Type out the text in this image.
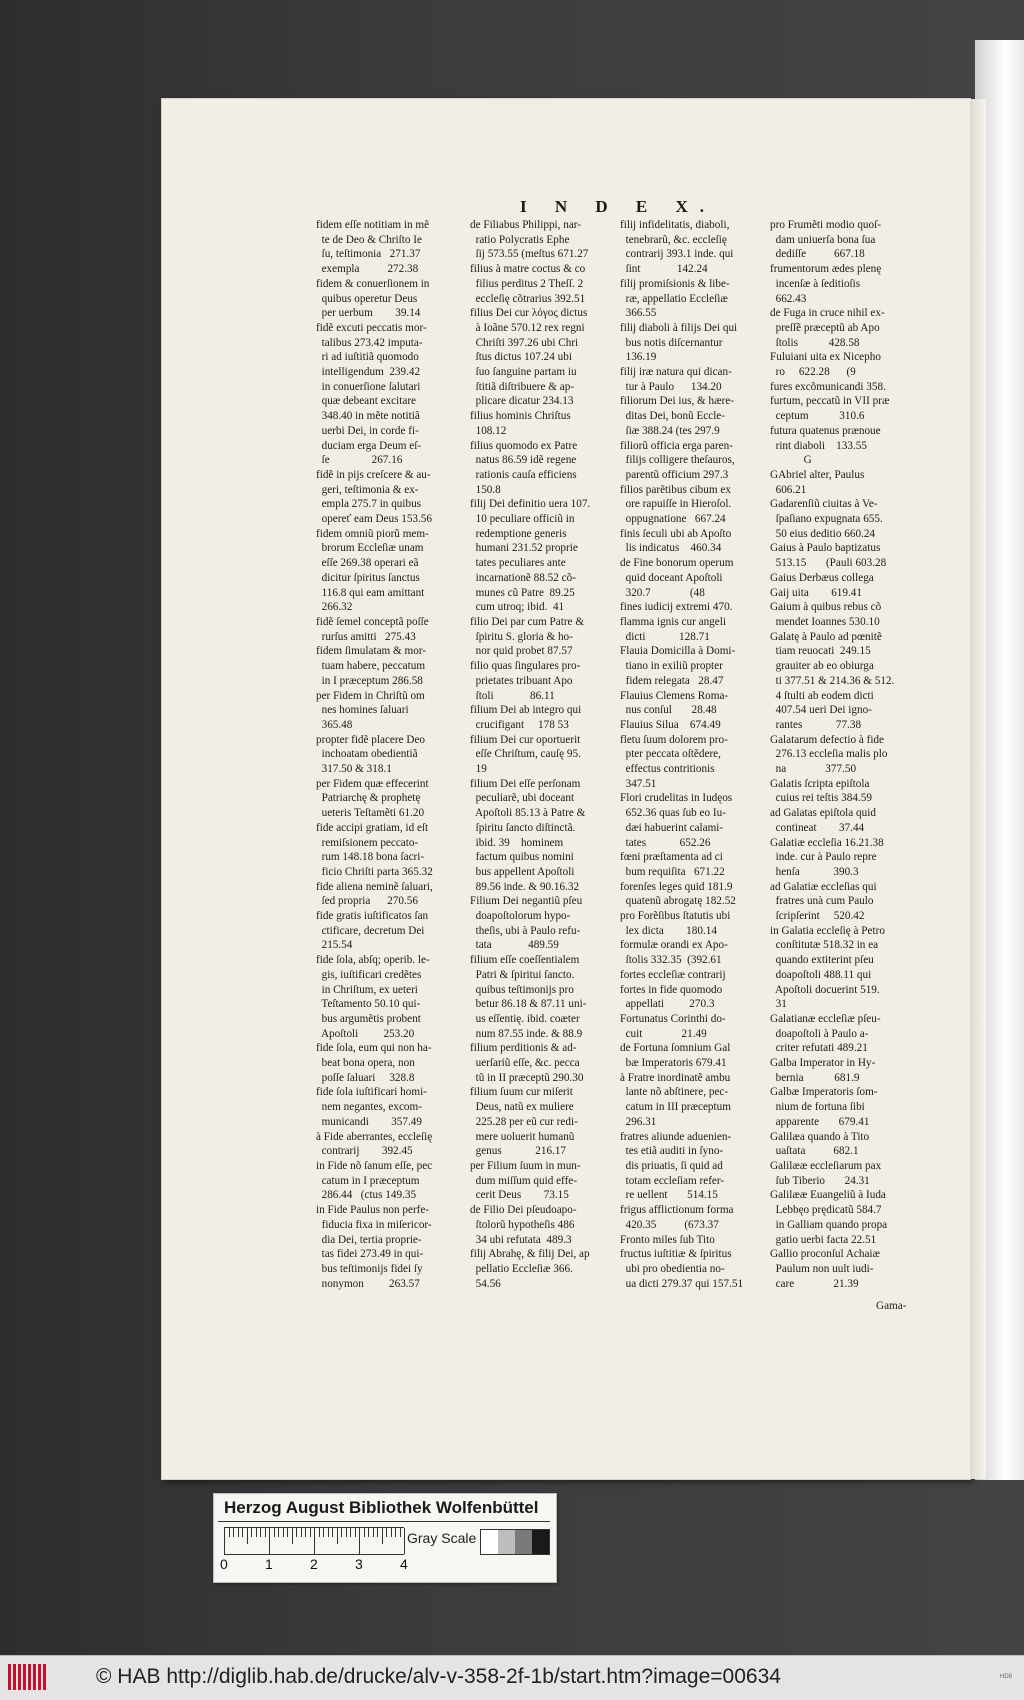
I N D E X.
fidem eſſe notitiam in mẽ
te de Deo & Chriſto Ie
ſu, teſtimonia   271.37
exempla          272.38
fidem & conuerſionem in
quibus operetur Deus
per uerbum        39.14
fidẽ excuti peccatis mor-
talibus 273.42 imputa-
ri ad iuſtitiã quomodo
intelligendum  239.42
in conuerſione ſalutari
quæ debeant excitare
348.40 in mẽte notitiã
uerbi Dei, in corde fi-
duciam erga Deum eſ-
ſe               267.16
fidẽ in pijs creſcere & au-
geri, teſtimonia & ex-
empla 275.7 in quibus
opereť eam Deus 153.56
fidem omniũ piorũ mem-
brorum Eccleſiæ unam
eſſe 269.38 operari eã
dicitur ſpiritus ſanctus
116.8 qui eam amittant
266.32
fidẽ ſemel conceptã poſſe
rurſus amitti   275.43
fidem ſimulatam & mor-
tuam habere, peccatum
in I præceptum 286.58
per Fidem in Chriſtũ om
nes homines ſaluari
365.48
propter fidẽ placere Deo
inchoatam obedientiã
317.50 & 318.1
per Fidem quæ effecerint
Patriarchę & prophetę
ueteris Teſtamẽti 61.20
fide accipi gratiam, id eſt
remiſsionem peccato-
rum 148.18 bona ſacri-
ficio Chriſti parta 365.32
fide aliena neminẽ ſaluari,
ſed propria      270.56
fide gratis iuſtificatos ſan
ctificare, decretum Dei
215.54
fide ſola, abſq; operib. le-
gis, iuſtificari credẽtes
in Chriſtum, ex ueteri
Teſtamento 50.10 qui-
bus argumẽtis probent
Apoſtoli         253.20
fide ſola, eum qui non ha-
beat bona opera, non
poſſe ſaluari     328.8
fide ſola iuſtificari homi-
nem negantes, excom-
municandi        357.49
à Fide aberrantes, eccleſię
contrarij        392.45
in Fide nõ ſanum eſſe, pec
catum in I præceptum
286.44   (ctus 149.35
in Fide Paulus non perfe-
fiducia fixa in miſericor-
dia Dei, tertia proprie-
tas fidei 273.49 in qui-
bus teſtimonijs fidei ſy
nonymon         263.57
de Filiabus Philippi, nar-
ratio Polycratis Ephe
ſij 573.55 (meſtus 671.27
filius à matre coctus & co
filius perditus 2 Theſſ. 2
eccleſię cõtrarius 392.51
filius Dei cur λόγος dictus
à Ioãne 570.12 rex regni
Chriſti 397.26 ubi Chri
ſtus dictus 107.24 ubi
ſuo ſanguine partam iu
ſtitiã diſtribuere & ap-
plicare dicatur 234.13
filius hominis Chriſtus
108.12
filius quomodo ex Patre
natus 86.59 idẽ regene
rationis cauſa efficiens
150.8
filij Dei definitio uera 107.
10 peculiare officiũ in
redemptione generis
humani 231.52 proprie
tates peculiares ante
incarnationẽ 88.52 cõ-
munes cũ Patre  89.25
cum utroq; ibid.  41
filio Dei par cum Patre &
ſpiritu S. gloria & ho-
nor quid probet 87.57
filio quas ſingulares pro-
prietates tribuant Apo
ſtoli             86.11
filium Dei ab integro qui
crucifigant     178 53
filium Dei cur oportuerit
eſſe Chriſtum, cauſę 95.
19
filium Dei eſſe perſonam
peculiarẽ, ubi doceant
Apoſtoli 85.13 à Patre &
ſpiritu ſancto diſtinctã.
ibid. 39    hominem
factum quibus nomini
bus appellent Apoſtoli
89.56 inde. & 90.16.32
Filium Dei negantiũ pſeu
doapoſtolorum hypo-
theſis, ubi à Paulo refu-
tata             489.59
filium eſſe coeſſentialem
Patri & ſpiritui ſancto.
quibus teſtimonijs pro
betur 86.18 & 87.11 uni-
us eſſentię. ibid. coæter
num 87.55 inde. & 88.9
filium perditionis & ad-
uerſariũ eſſe, &c. pecca
tũ in II præceptũ 290.30
filium ſuum cur miſerit
Deus, natũ ex muliere
225.28 per eũ cur redi-
mere uoluerit humanũ
genus            216.17
per Filium ſuum in mun-
dum miſſum quid effe-
cerit Deus        73.15
de Filio Dei pſeudoapo-
ſtolorũ hypotheſis 486
34 ubi refutata  489.3
filij Abrahę, & filij Dei, ap
pellatio Eccleſiæ 366.
54.56
filij infidelitatis, diaboli,
tenebrarũ, &c. eccleſię
contrarij 393.1 inde. qui
ſint             142.24
filij promiſsionis & libe-
ræ, appellatio Eccleſiæ
366.55
filij diaboli à filijs Dei qui
bus notis diſcernantur
136.19
filij iræ natura qui dican-
tur à Paulo      134.20
filiorum Dei ius, & hære-
ditas Dei, bonũ Eccle-
ſiæ 388.24 (tes 297.9
filiorũ officia erga paren-
filijs colligere theſauros,
parentũ officium 297.3
filios parẽtibus cibum ex
ore rapuiſſe in Hieroſol.
oppugnatione   667.24
finis ſeculi ubi ab Apoſto
lis indicatus    460.34
de Fine bonorum operum
quid doceant Apoſtoli
320.7              (48
fines iudicij extremi 470.
flamma ignis cur angeli
dicti            128.71
Flauia Domicilla à Domi-
tiano in exiliũ propter
fidem relegata   28.47
Flauius Clemens Roma-
nus conſul       28.48
Flauius Silua    674.49
fletu ſuum dolorem pro-
pter peccata oſtẽdere,
effectus contritionis
347.51
Flori crudelitas in Iudęos
652.36 quas ſub eo Iu-
dæi habuerint calami-
tates            652.26
fœni præſtamenta ad ci
bum requiſita   671.22
forenſes leges quid 181.9
quatenũ abrogatę 182.52
pro Forẽſibus ſtatutis ubi
lex dicta        180.14
formulæ orandi ex Apo-
ſtolis 332.35  (392.61
fortes eccleſiæ contrarij
fortes in fide quomodo
appellati         270.3
Fortunatus Corinthi do-
cuit              21.49
de Fortuna ſomnium Gal
bæ Imperatoris 679.41
à Fratre inordinatẽ ambu
lante nõ abſtinere, pec-
catum in III præceptum
296.31
fratres aliunde aduenien-
tes etiã auditi in ſyno-
dis priuatis, ſi quid ad
totam eccleſiam refer-
re uellent       514.15
frigus afflictionum forma
420.35          (673.37
Fronto miles ſub Tito
fructus iuſtitiæ & ſpiritus
ubi pro obedientia no-
ua dicti 279.37 qui 157.51
pro Frumẽti modio quoſ-
dam uniuerſa bona ſua
dediſſe          667.18
frumentorum ædes plenę
incenſæ à ſeditioſis
662.43
de Fuga in cruce nihil ex-
preſſẽ præceptũ ab Apo
ſtolis           428.58
Fuluiani uita ex Nicepho
ro     622.28      (9
fures excõmunicandi 358.
furtum, peccatũ in VII præ
ceptum           310.6
futura quatenus prænoue
rint diaboli    133.55
G
GAbriel alter, Paulus
606.21
Gadarenſiũ ciuitas à Ve-
ſpaſiano expugnata 655.
50 eius deditio 660.24
Gaius à Paulo baptizatus
513.15       (Pauli 603.28
Gaius Derbæus collega
Gaij uita        619.41
Gaium à quibus rebus cõ
mendet Ioannes 530.10
Galatę à Paulo ad pœnitẽ
tiam reuocati  249.15
grauiter ab eo obiurga
ti 377.51 & 214.36 & 512.
4 ſtulti ab eodem dicti
407.54 ueri Dei igno-
rantes            77.38
Galatarum defectio à fide
276.13 eccleſia malis plo
na              377.50
Galatis ſcripta epiſtola
cuius rei teſtis 384.59
ad Galatas epiſtola quid
contineat        37.44
Galatiæ eccleſia 16.21.38
inde. cur à Paulo repre
henſa            390.3
ad Galatiæ eccleſias qui
fratres unà cum Paulo
ſcripſerint     520.42
in Galatia eccleſię à Petro
conſtitutæ 518.32 in ea
quando extiterint pſeu
doapoſtoli 488.11 qui
Apoſtoli docuerint 519.
31
Galatianæ eccleſiæ pſeu-
doapoſtoli à Paulo a-
criter refutati 489.21
Galba Imperator in Hy-
bernia           681.9
Galbæ Imperatoris ſom-
nium de fortuna ſibi
apparente       679.41
Galilæa quando à Tito
uaſtata          682.1
Galilææ eccleſiarum pax
ſub Tiberio       24.31
Galilææ Euangeliũ à Iuda
Lebbęo prędicatũ 584.7
in Galliam quando propa
gatio uerbi facta 22.51
Gallio proconſul Achaiæ
Paulum non uult iudi-
care              21.39
Gama-
Herzog August Bibliothek Wolfenbüttel
0	1	2	3	4
Gray Scale
© HAB http://diglib.hab.de/drucke/alv-v-358-2f-1b/start.htm?image=00634	HD8
